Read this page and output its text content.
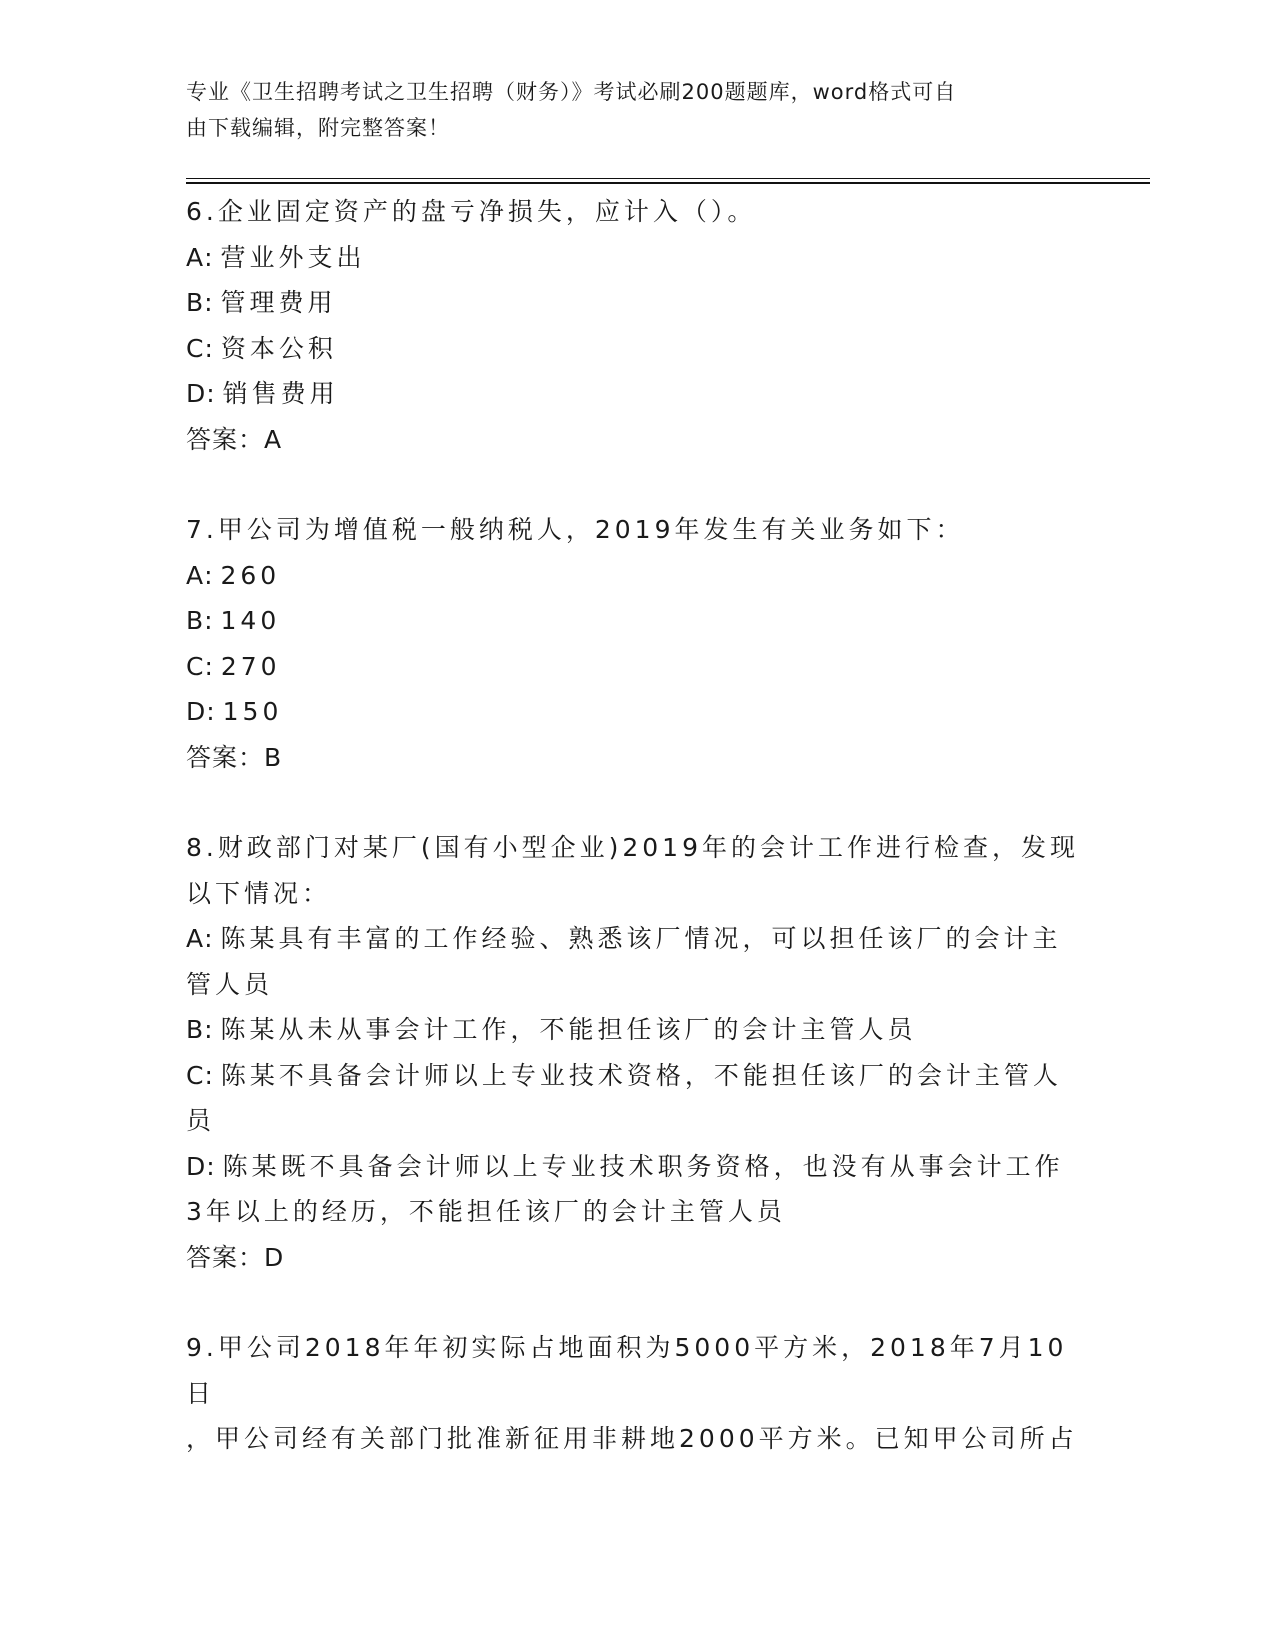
专业《卫生招聘考试之卫生招聘（财务）》考试必刷200题题库，word格式可自
由下载编辑，附完整答案！
6.企业固定资产的盘亏净损失，应计入（）。
A: 营业外支出
B: 管理费用
C: 资本公积
D: 销售费用
答案：A
7.甲公司为增值税一般纳税人，2019年发生有关业务如下：
A: 260
B: 140
C: 270
D: 150
答案：B
8.财政部门对某厂(国有小型企业)2019年的会计工作进行检查，发现
以下情况：
A: 陈某具有丰富的工作经验、熟悉该厂情况，可以担任该厂的会计主
管人员
B: 陈某从未从事会计工作，不能担任该厂的会计主管人员
C: 陈某不具备会计师以上专业技术资格，不能担任该厂的会计主管人
员
D: 陈某既不具备会计师以上专业技术职务资格，也没有从事会计工作
3年以上的经历，不能担任该厂的会计主管人员
答案：D
9.甲公司2018年年初实际占地面积为5000平方米，2018年7月10日
，甲公司经有关部门批准新征用非耕地2000平方米。已知甲公司所占
